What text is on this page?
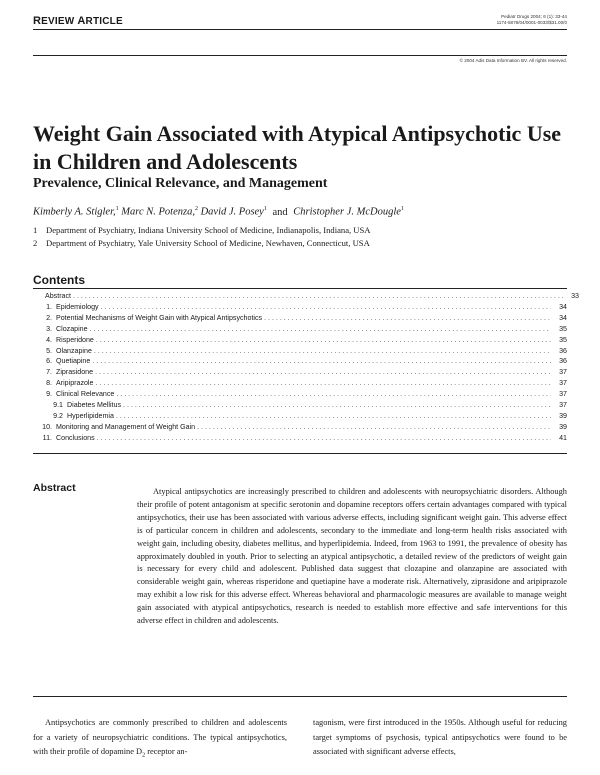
REVIEW ARTICLE	Pediatr Drugs 2004; 6 (1): 33-44
1174-5878/04/0001-0033/$31.00/0
© 2004 Adis Data Information BV. All rights reserved.
Weight Gain Associated with Atypical Antipsychotic Use in Children and Adolescents
Prevalence, Clinical Relevance, and Management
Kimberly A. Stigler,$^1$ Marc N. Potenza,$^2$ David J. Posey$^1$ and Christopher J. McDougle$^1$
1 Department of Psychiatry, Indiana University School of Medicine, Indianapolis, Indiana, USA
2 Department of Psychiatry, Yale University School of Medicine, Newhaven, Connecticut, USA
Contents
Abstract . . .	33
1. Epidemiology . . .	34
2. Potential Mechanisms of Weight Gain with Atypical Antipsychotics . . .	34
3. Clozapine . . .	35
4. Risperidone . . .	35
5. Olanzapine . . .	36
6. Quetiapine . . .	36
7. Ziprasidone . . .	37
8. Aripiprazole . . .	37
9. Clinical Relevance . . .	37
9.1 Diabetes Mellitus . . .	37
9.2 Hyperlipidemia . . .	39
10. Monitoring and Management of Weight Gain . . .	39
11. Conclusions . . .	41
Abstract	Atypical antipsychotics are increasingly prescribed to children and adolescents with neuropsychiatric disorders. Although their profile of potent antagonism at specific serotonin and dopamine receptors offers certain advantages compared with typical antipsychotics, their use has been associated with various adverse effects, including significant weight gain. This adverse effect is of particular concern in children and adolescents, secondary to the immediate and long-term health risks associated with weight gain, including obesity, diabetes mellitus, and hyperlipidemia. Indeed, from 1963 to 1991, the prevalence of obesity has approximately doubled in youth. Prior to selecting an atypical antipsychotic, a detailed review of the predictors of weight gain is necessary for every child and adolescent. Published data suggest that clozapine and olanzapine are associated with considerable weight gain, whereas risperidone and quetiapine have a moderate risk. Alternatively, ziprasidone and aripiprazole may exhibit a low risk for this adverse effect. Whereas behavioral and pharmacologic measures are available to manage weight gain associated with atypical antipsychotics, research is needed to establish more effective and safe interventions for this adverse effect in children and adolescents.

Antipsychotics are commonly prescribed to children and adolescents for a variety of neuropsychiatric conditions. The typical antipsychotics, with their profile of dopamine $D_2$ receptor an-

tagonism, were first introduced in the 1950s. Although useful for reducing target symptoms of psychosis, typical antipsychotics were found to be associated with significant adverse effects,
